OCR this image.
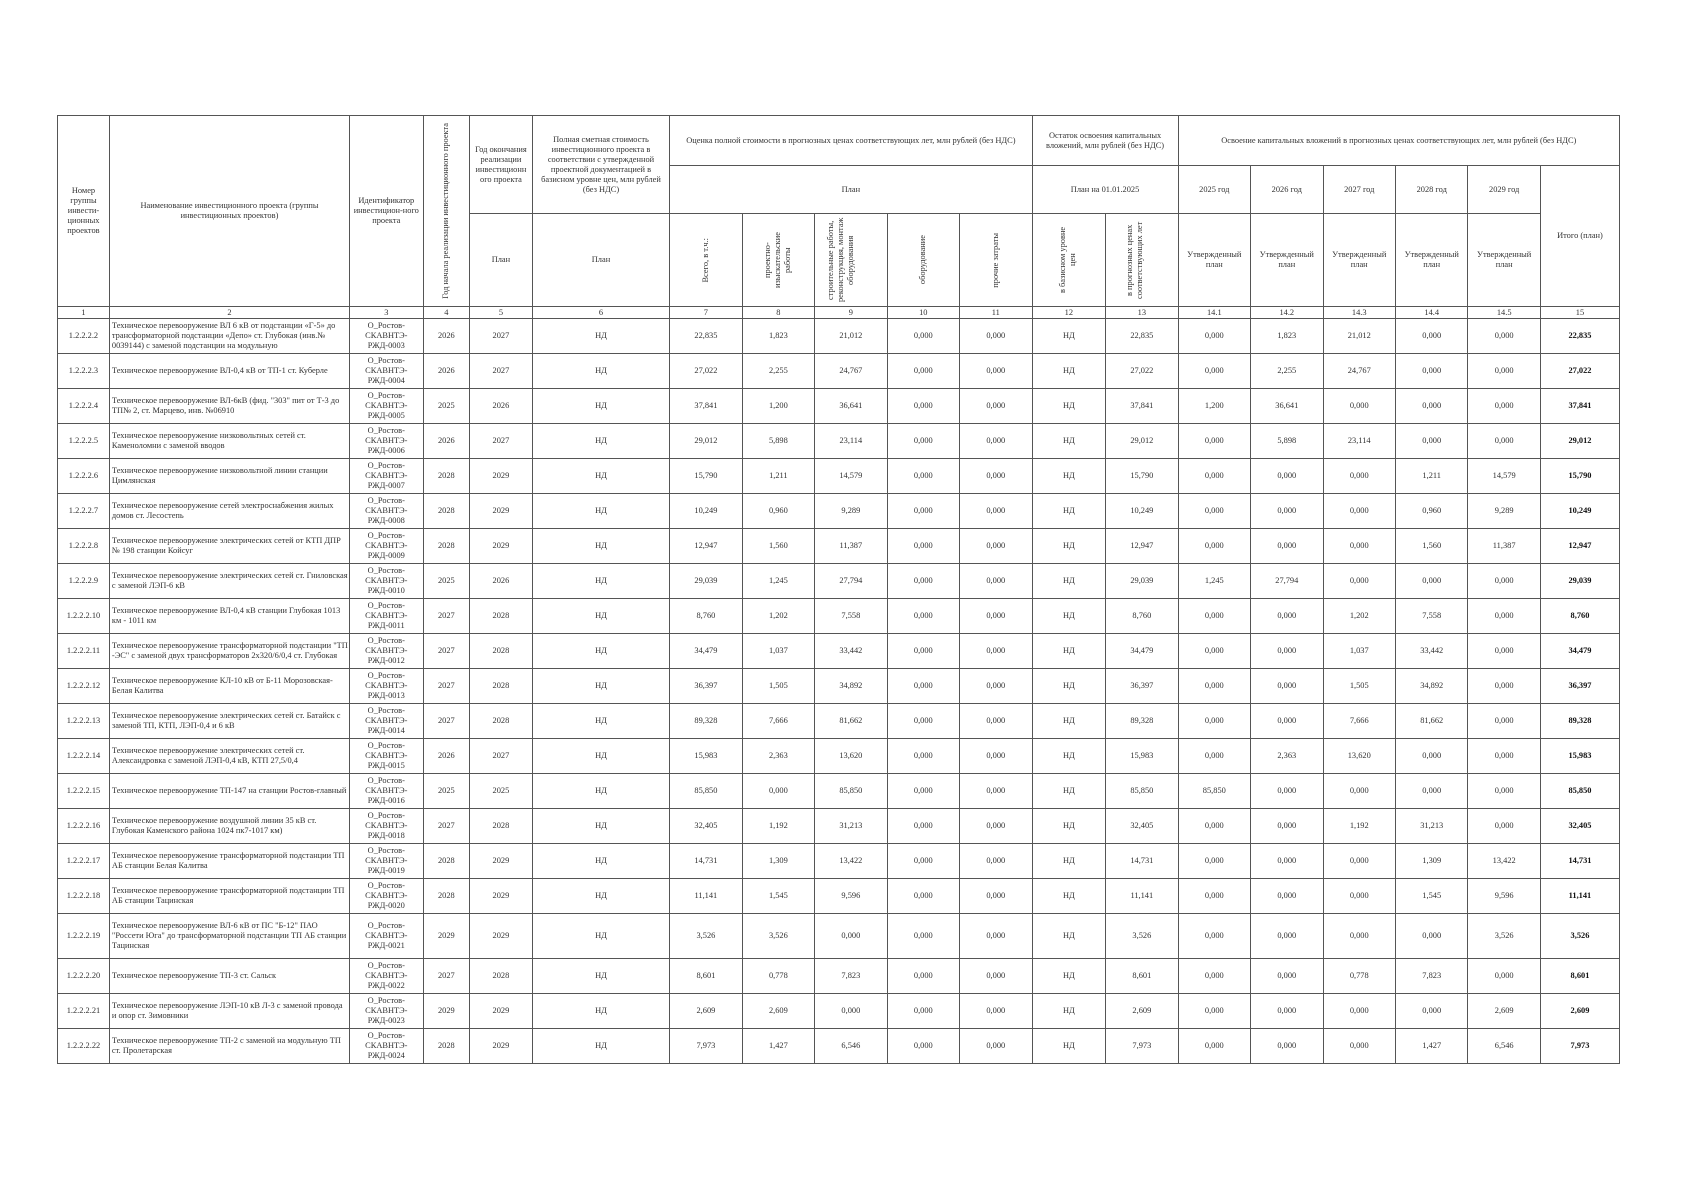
Номер группы инвести-ционных проектов	Наименование инвестиционного проекта (группы инвестиционных проектов)	Идентификатор инвестицион-ного проекта	Год начала реализации инвестиционного проекта	Год окончания реализации инвестиционн ого проекта	Полная сметная стоимость инвестиционного проекта в соответствии с утвержденной проектной документацией в базисном уровне цен, млн рублей (без НДС)	Оценка полной стоимости в прогнозных ценах соответствующих лет, млн рублей (без НДС)					Остаток освоения капитальных вложений, млн рублей (без НДС)		Освоение капитальных вложений в прогнозных ценах соответствующих лет, млн рублей (без НДС)					
						План					План на 01.01.2025		2025 год	2026 год	2027 год	2028 год	2029 год	Итого (план)
				План	План	Всего, в т.ч.:	проектно-изыскательские работы	строительные работы, реконструкция, монтаж оборудования	оборудование	прочие затраты	в базисном уровне цен	в прогнозных ценах соответствующих лет	Утвержденный план	Утвержденный план	Утвержденный план	Утвержденный план	Утвержденный план	
1	2	3	4	5	6	7	8	9	10	11	12	13	14.1	14.2	14.3	14.4	14.5	15
1.2.2.2.2	Техническое перевооружение ВЛ 6 кВ от подстанции «Г-5» до трансформаторной подстанции «Депо» ст. Глубокая (инв.№ 0039144) с заменой подстанции на модульную	O_Ростов-СКАВНТЭ-РЖД-0003	2026	2027	НД	22,835	1,823	21,012	0,000	0,000	НД	22,835	0,000	1,823	21,012	0,000	0,000	22,835
1.2.2.2.3	Техническое перевооружение ВЛ-0,4 кВ от ТП-1 ст. Куберле	O_Ростов-СКАВНТЭ-РЖД-0004	2026	2027	НД	27,022	2,255	24,767	0,000	0,000	НД	27,022	0,000	2,255	24,767	0,000	0,000	27,022
1.2.2.2.4	Техническое перевооружение ВЛ-6кВ (фид. "303" пит от Т-3 до ТП№ 2, ст. Марцево, инв. №06910	O_Ростов-СКАВНТЭ-РЖД-0005	2025	2026	НД	37,841	1,200	36,641	0,000	0,000	НД	37,841	1,200	36,641	0,000	0,000	0,000	37,841
1.2.2.2.5	Техническое перевооружение низковольтных сетей ст. Каменоломни с заменой вводов	O_Ростов-СКАВНТЭ-РЖД-0006	2026	2027	НД	29,012	5,898	23,114	0,000	0,000	НД	29,012	0,000	5,898	23,114	0,000	0,000	29,012
1.2.2.2.6	Техническое перевооружение низковольтной линии станции Цимлянская	O_Ростов-СКАВНТЭ-РЖД-0007	2028	2029	НД	15,790	1,211	14,579	0,000	0,000	НД	15,790	0,000	0,000	0,000	1,211	14,579	15,790
1.2.2.2.7	Техническое перевооружение сетей электроснабжения жилых домов ст. Лесостепь	O_Ростов-СКАВНТЭ-РЖД-0008	2028	2029	НД	10,249	0,960	9,289	0,000	0,000	НД	10,249	0,000	0,000	0,000	0,960	9,289	10,249
1.2.2.2.8	Техническое перевооружение электрических сетей от КТП ДПР № 198 станции Койсуг	O_Ростов-СКАВНТЭ-РЖД-0009	2028	2029	НД	12,947	1,560	11,387	0,000	0,000	НД	12,947	0,000	0,000	0,000	1,560	11,387	12,947
1.2.2.2.9	Техническое перевооружение электрических сетей ст. Гниловская с заменой ЛЭП-6 кВ	O_Ростов-СКАВНТЭ-РЖД-0010	2025	2026	НД	29,039	1,245	27,794	0,000	0,000	НД	29,039	1,245	27,794	0,000	0,000	0,000	29,039
1.2.2.2.10	Техническое перевооружение ВЛ-0,4 кВ станции Глубокая 1013 км - 1011 км	O_Ростов-СКАВНТЭ-РЖД-0011	2027	2028	НД	8,760	1,202	7,558	0,000	0,000	НД	8,760	0,000	0,000	1,202	7,558	0,000	8,760
1.2.2.2.11	Техническое перевооружение трансформаторной подстанции "ТП -ЭС" с заменой двух трансформаторов 2х320/6/0,4 ст. Глубокая	O_Ростов-СКАВНТЭ-РЖД-0012	2027	2028	НД	34,479	1,037	33,442	0,000	0,000	НД	34,479	0,000	0,000	1,037	33,442	0,000	34,479
1.2.2.2.12	Техническое перевооружение КЛ-10 кВ от Б-11 Морозовская-Белая Калитва	O_Ростов-СКАВНТЭ-РЖД-0013	2027	2028	НД	36,397	1,505	34,892	0,000	0,000	НД	36,397	0,000	0,000	1,505	34,892	0,000	36,397
1.2.2.2.13	Техническое перевооружение электрических сетей ст. Батайск с заменой ТП, КТП, ЛЭП-0,4 и 6 кВ	O_Ростов-СКАВНТЭ-РЖД-0014	2027	2028	НД	89,328	7,666	81,662	0,000	0,000	НД	89,328	0,000	0,000	7,666	81,662	0,000	89,328
1.2.2.2.14	Техническое перевооружение электрических сетей ст. Александровка с заменой ЛЭП-0,4 кВ, КТП 27,5/0,4	O_Ростов-СКАВНТЭ-РЖД-0015	2026	2027	НД	15,983	2,363	13,620	0,000	0,000	НД	15,983	0,000	2,363	13,620	0,000	0,000	15,983
1.2.2.2.15	Техническое перевооружение ТП-147 на станции Ростов-главный	O_Ростов-СКАВНТЭ-РЖД-0016	2025	2025	НД	85,850	0,000	85,850	0,000	0,000	НД	85,850	85,850	0,000	0,000	0,000	0,000	85,850
1.2.2.2.16	Техническое перевооружение воздушной линии 35 кВ ст. Глубокая Каменского района 1024 пк7-1017 км)	O_Ростов-СКАВНТЭ-РЖД-0018	2027	2028	НД	32,405	1,192	31,213	0,000	0,000	НД	32,405	0,000	0,000	1,192	31,213	0,000	32,405
1.2.2.2.17	Техническое перевооружение трансформаторной подстанции ТП АБ станции Белая Калитва	O_Ростов-СКАВНТЭ-РЖД-0019	2028	2029	НД	14,731	1,309	13,422	0,000	0,000	НД	14,731	0,000	0,000	0,000	1,309	13,422	14,731
1.2.2.2.18	Техническое перевооружение трансформаторной подстанции ТП АБ станции Тацинская	O_Ростов-СКАВНТЭ-РЖД-0020	2028	2029	НД	11,141	1,545	9,596	0,000	0,000	НД	11,141	0,000	0,000	0,000	1,545	9,596	11,141
1.2.2.2.19	Техническое перевооружение ВЛ-6 кВ от ПС "Б-12" ПАО "Россети Юга" до трансформаторной подстанции ТП АБ станции Тацинская	O_Ростов-СКАВНТЭ-РЖД-0021	2029	2029	НД	3,526	3,526	0,000	0,000	0,000	НД	3,526	0,000	0,000	0,000	0,000	3,526	3,526
1.2.2.2.20	Техническое перевооружение ТП-3 ст. Сальск	O_Ростов-СКАВНТЭ-РЖД-0022	2027	2028	НД	8,601	0,778	7,823	0,000	0,000	НД	8,601	0,000	0,000	0,778	7,823	0,000	8,601
1.2.2.2.21	Техническое перевооружение ЛЭП-10 кВ Л-3 с заменой провода и опор ст. Зимовники	O_Ростов-СКАВНТЭ-РЖД-0023	2029	2029	НД	2,609	2,609	0,000	0,000	0,000	НД	2,609	0,000	0,000	0,000	0,000	2,609	2,609
1.2.2.2.22	Техническое перевооружение ТП-2 с заменой на модульную ТП ст. Пролетарская	O_Ростов-СКАВНТЭ-РЖД-0024	2028	2029	НД	7,973	1,427	6,546	0,000	0,000	НД	7,973	0,000	0,000	0,000	1,427	6,546	7,973
